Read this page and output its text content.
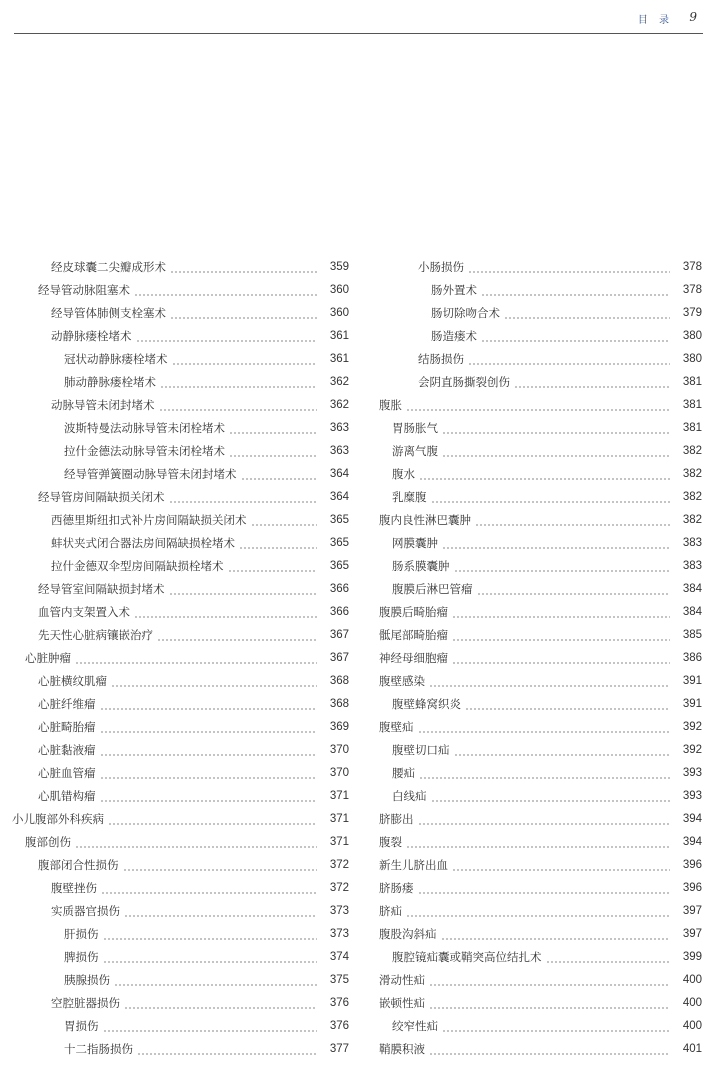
目 录 9
经皮球囊二尖瓣成形术	359
经导管动脉阻塞术	360
经导管体肺侧支栓塞术	360
动静脉瘘栓堵术	361
冠状动静脉瘘栓堵术	361
肺动静脉瘘栓堵术	362
动脉导管未闭封堵术	362
波斯特曼法动脉导管未闭栓堵术	363
拉什金德法动脉导管未闭栓堵术	363
经导管弹簧圈动脉导管未闭封堵术	364
经导管房间隔缺损关闭术	364
西德里斯纽扣式补片房间隔缺损关闭术	365
蚌状夹式闭合器法房间隔缺损栓堵术	365
拉什金德双伞型房间隔缺损栓堵术	365
经导管室间隔缺损封堵术	366
血管内支架置入术	366
先天性心脏病镶嵌治疗	367
心脏肿瘤	367
心脏横纹肌瘤	368
心脏纤维瘤	368
心脏畸胎瘤	369
心脏黏液瘤	370
心脏血管瘤	370
心肌错构瘤	371
小儿腹部外科疾病	371
腹部创伤	371
腹部闭合性损伤	372
腹壁挫伤	372
实质器官损伤	373
肝损伤	373
脾损伤	374
胰腺损伤	375
空腔脏器损伤	376
胃损伤	376
十二指肠损伤	377
小肠损伤	378
肠外置术	378
肠切除吻合术	379
肠造瘘术	380
结肠损伤	380
会阴直肠撕裂创伤	381
腹胀	381
胃肠胀气	381
游离气腹	382
腹水	382
乳糜腹	382
腹内良性淋巴囊肿	382
网膜囊肿	383
肠系膜囊肿	383
腹膜后淋巴管瘤	384
腹膜后畸胎瘤	384
骶尾部畸胎瘤	385
神经母细胞瘤	386
腹壁感染	391
腹壁蜂窝织炎	391
腹壁疝	392
腹壁切口疝	392
腰疝	393
白线疝	393
脐膨出	394
腹裂	394
新生儿脐出血	396
脐肠瘘	396
脐疝	397
腹股沟斜疝	397
腹腔镜疝囊或鞘突高位结扎术	399
滑动性疝	400
嵌顿性疝	400
绞窄性疝	400
鞘膜积液	401
